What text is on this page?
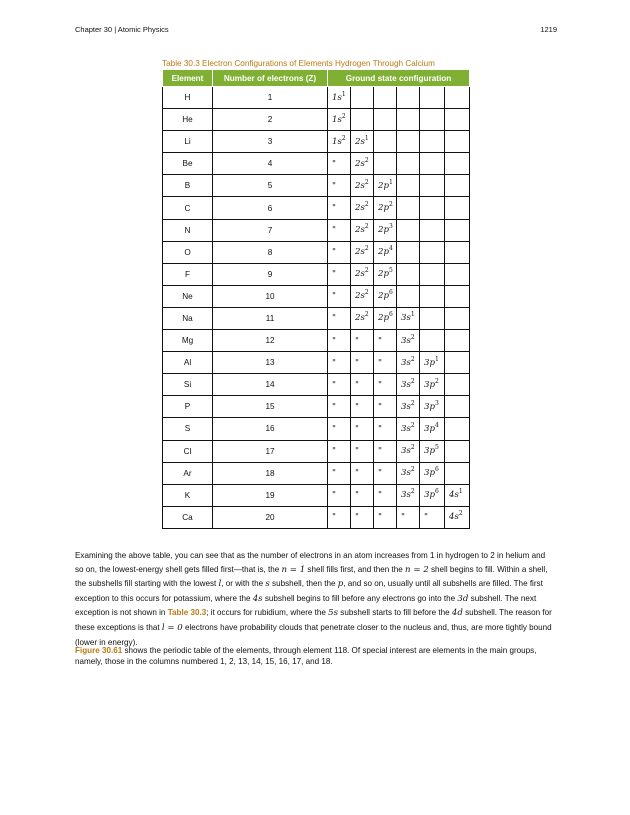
Chapter 30 | Atomic Physics	1219
Table 30.3 Electron Configurations of Elements Hydrogen Through Calcium
Element	Number of electrons (Z)	Ground state configuration					
H	1	$1s^1$					
He	2	$1s^2$					
Li	3	$1s^2$	$2s^1$				
Be	4	"	$2s^2$				
B	5	"	$2s^2$	$2p^1$			
C	6	"	$2s^2$	$2p^2$			
N	7	"	$2s^2$	$2p^3$			
O	8	"	$2s^2$	$2p^4$			
F	9	"	$2s^2$	$2p^5$			
Ne	10	"	$2s^2$	$2p^6$			
Na	11	"	$2s^2$	$2p^6$	$3s^1$		
Mg	12	"	"	"	$3s^2$		
Al	13	"	"	"	$3s^2$	$3p^1$	
Si	14	"	"	"	$3s^2$	$3p^2$	
P	15	"	"	"	$3s^2$	$3p^3$	
S	16	"	"	"	$3s^2$	$3p^4$	
Cl	17	"	"	"	$3s^2$	$3p^5$	
Ar	18	"	"	"	$3s^2$	$3p^6$	
K	19	"	"	"	$3s^2$	$3p^6$	$4s^1$
Ca	20	"	"	"	"	"	$4s^2$

Examining the above table, you can see that as the number of electrons in an atom increases from 1 in hydrogen to 2 in helium and so on, the lowest-energy shell gets filled first—that is, the n = 1 shell fills first, and then the n = 2 shell begins to fill. Within a shell, the subshells fill starting with the lowest l, or with the s subshell, then the p, and so on, usually until all subshells are filled. The first exception to this occurs for potassium, where the 4s subshell begins to fill before any electrons go into the 3d subshell. The next exception is not shown in Table 30.3; it occurs for rubidium, where the 5s subshell starts to fill before the 4d subshell. The reason for these exceptions is that l = 0 electrons have probability clouds that penetrate closer to the nucleus and, thus, are more tightly bound (lower in energy).

Figure 30.61 shows the periodic table of the elements, through element 118. Of special interest are elements in the main groups, namely, those in the columns numbered 1, 2, 13, 14, 15, 16, 17, and 18.
